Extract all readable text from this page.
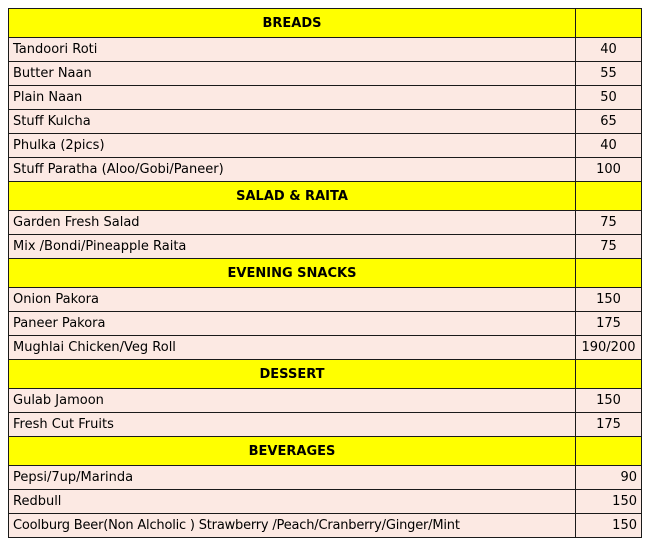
BREADS	
Tandoori Roti	40
Butter Naan	55
Plain Naan	50
Stuff Kulcha	65
Phulka (2pics)	40
Stuff Paratha (Aloo/Gobi/Paneer)	100
SALAD & RAITA	
Garden Fresh Salad	75
Mix /Bondi/Pineapple Raita	75
EVENING SNACKS	
Onion Pakora	150
Paneer Pakora	175
Mughlai Chicken/Veg Roll	190/200
DESSERT	
Gulab Jamoon	150
Fresh Cut Fruits	175
BEVERAGES	
Pepsi/7up/Marinda	90
Redbull	150
Coolburg Beer(Non Alcholic ) Strawberry /Peach/Cranberry/Ginger/Mint	150
